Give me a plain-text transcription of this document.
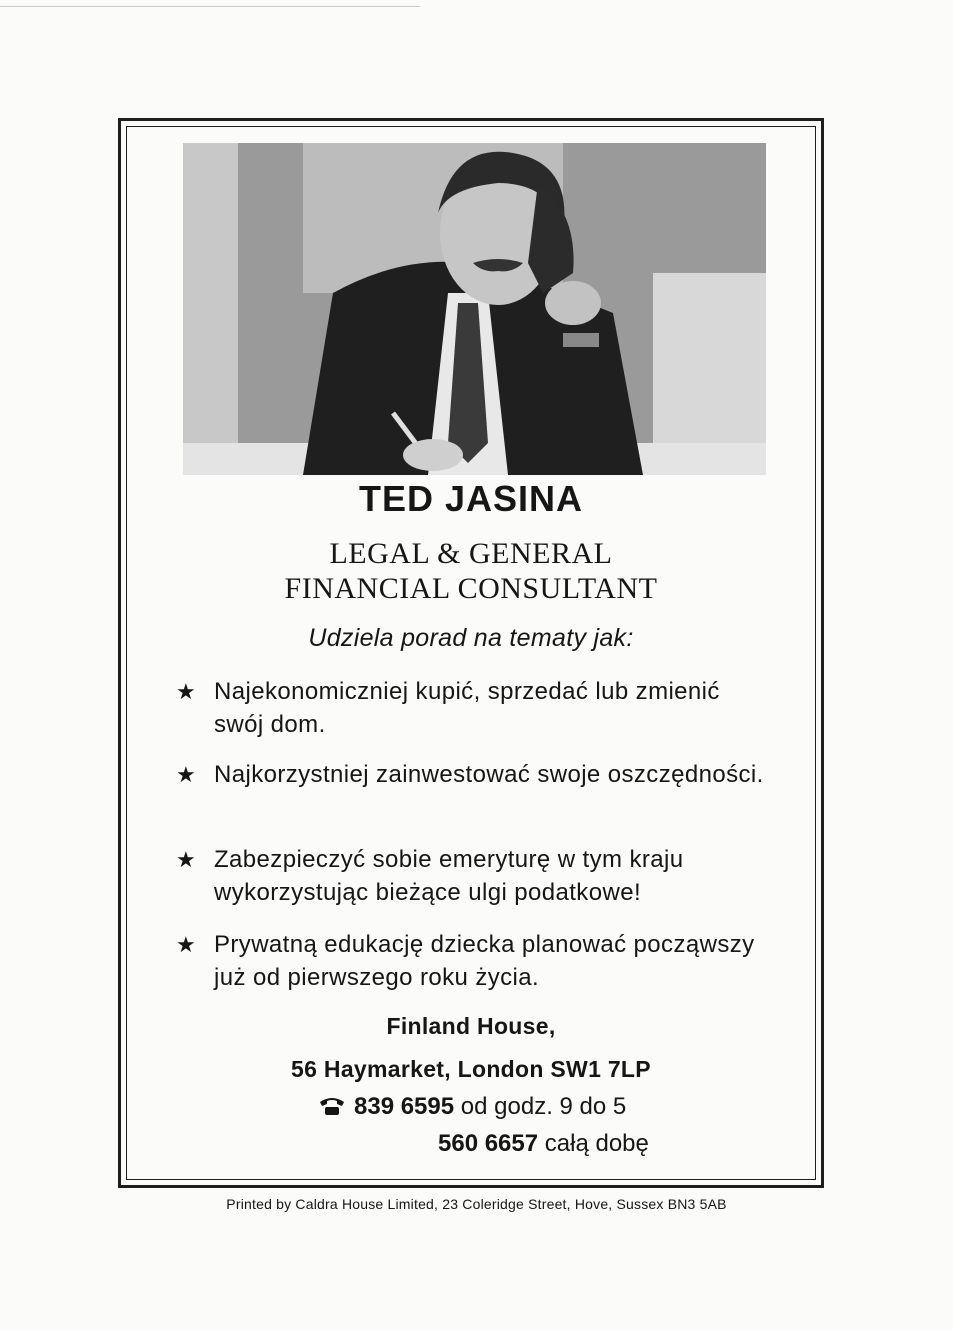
TED JASINA
LEGAL & GENERAL
FINANCIAL CONSULTANT
Udziela porad na tematy jak:
★ Najekonomiczniej kupić, sprzedać lub zmienić swój dom.
★ Najkorzystniej zainwestować swoje oszczędności.
★ Zabezpieczyć sobie emeryturę w tym kraju wykorzystując bieżące ulgi podatkowe!
★ Prywatną edukację dziecka planować począwszy już od pierwszego roku życia.
Finland House,
56 Haymarket, London SW1 7LP
839 6595 od godz. 9 do 5
560 6657 całą dobę
Printed by Caldra House Limited, 23 Coleridge Street, Hove, Sussex BN3 5AB
